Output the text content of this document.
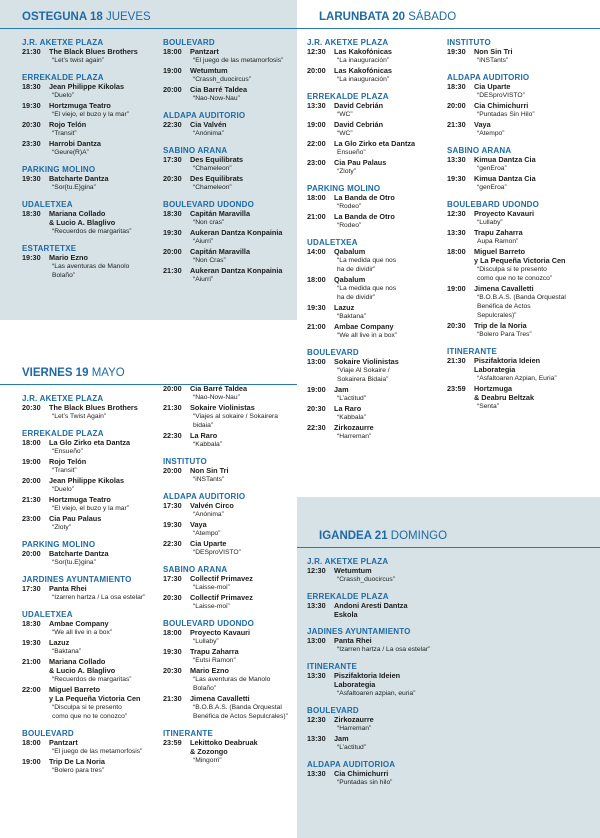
OSTEGUNA 18 JUEVES
J.R. AKETXE PLAZA
21:30 The Black Blues Brothers
“Let’s twist again”
ERREKALDE PLAZA
18:30 Jean Philippe Kikolas
“Duelo”
19:30 Hortzmuga Teatro
“El viejo, el buzo y la mar”
20:30 Rojo Telón
“Transit”
23:30 Harrobi Dantza
“Geure(R)A”
PARKING MOLINO
19:30 Batcharte Dantza
“Sor{tu.E}gina”
UDALETXEA
18:30 Mariana Collado
& Lucio A. Blaglivo
“Recuerdos de margaritas”
ESTARTETXE
19:30 Mario Ezno
“Las aventuras de Manolo
Bolaño”
BOULEVARD
18:00 Pantzart
“El juego de las metamorfosis”
19:00 Wetumtum
“Crassh_duocircus”
20:00 Cia Barré Taldea
“Nao-Now-Nau”
ALDAPA AUDITORIO
22:30 Cia Valvén
“Anónima”
SABINO ARANA
17:30 Des Equilibrats
“Chameleon”
20:30 Des Equilibrats
“Chameleon”
BOULEVARD UDONDO
18:30 Capitán Maravilla
“Non cras”
19:30 Aukeran Dantza Konpainia
“Aiurri”
20:00 Capitán Maravilla
“Non Cras”
21:30 Aukeran Dantza Konpainia
“Aiurri”
LARUNBATA 20 SÁBADO
J.R. AKETXE PLAZA
12:30 Las Kakofónicas
“La inauguración”
20:00 Las Kakofónicas
“La inauguración”
ERREKALDE PLAZA
13:30 David Cebrián
“WC”
19:00 David Cebrián
“WC”
22:00 La Glo Zirko eta Dantza
Ensueño”
23:00 Cia Pau Palaus
“Zloty”
PARKING MOLINO
18:00 La Banda de Otro
“Rodeo”
21:00 La Banda de Otro
“Rodeo”
UDALETXEA
14:00 Qabalum
“La medida que nos
ha de dividir”
18:00 Qabalum
“La medida que nos
ha de dividir”
19:30 Lazuz
“Baktana”
21:00 Ambae Company
“We all live in a box”
BOULEVARD
13:00 Sokaire Violinistas
“Viaje Al Sokaire /
Sokairera Bidaia”
19:00 Jam
“L’actitud”
20:30 La Raro
“Kabbala”
22:30 Zirkozaurre
“Harreman”
INSTITUTO
19:30 Non Sin Tri
“iNSTants”
ALDAPA AUDITORIO
18:30 Cia Uparte
“DESproVISTO”
20:00 Cia Chimichurri
“Puntadas Sin Hilo”
21:30 Vaya
“Atempo”
SABINO ARANA
13:30 Kimua Dantza Cia
“genEroa”
19:30 Kimua Dantza Cia
“genEroa”
BOULEBARD UDONDO
12:30 Proyecto Kavauri
“Lullaby”
13:30 Trapu Zaharra
Aupa Ramon”
18:00 Miguel Barreto
y La Pequeña Victoria Cen
“Disculpa si te presento
como que no te conozco”
19:00 Jimena Cavalletti
“B.O.B.A.S. (Banda Orquestal
Benéfica de Actos
Sepulcrales)”
20:30 Trip de la Noria
“Bolero Para Tres”
ITINERANTE
21:30 Piszifaktoria Ideien
Laborategia
“Asfaltoaren Azpian, Euria”
23:59 Hortzmuga
& Deabru Beltzak
“Senta”
VIERNES 19 MAYO
J.R. AKETXE PLAZA
20:30 The Black Blues Brothers
“Let’s Twist Again”
ERREKALDE PLAZA
18:00 La Glo Zirko eta Dantza
“Ensueño”
19:00 Rojo Telón
“Transit”
20:00 Jean Philippe Kikolas
“Duelo”
21:30 Hortzmuga Teatro
“El viejo, el buzo y la mar”
23:00 Cia Pau Palaus
“Zloty”
PARKING MOLINO
20:00 Batcharte Dantza
“Sor{tu.E}gina”
JARDINES AYUNTAMIENTO
17:30 Panta Rhei
“Izarren hartza / La osa estelar”
UDALETXEA
18:30 Ambae Company
“We all live in a box”
19:30 Lazuz
“Baktana”
21:00 Mariana Collado
& Lucio A. Blaglivo
“Recuerdos de margaritas”
22:00 Miguel Barreto
y La Pequeña Victoria Cen
“Disculpa si te presento
como que no te conozco”
BOULEVARD
18:00 Pantzart
“El juego de las metamorfosis”
19:00 Trip De La Noria
“Bolero para tres”
20:00 Cia Barré Taldea
“Nao-Now-Nau”
21:30 Sokaire Violinistas
“Viajes al sokaire / Sokairera
bidaia”
22:30 La Raro
“Kabbala”
INSTITUTO
20:00 Non Sin Tri
“iNSTants”
ALDAPA AUDITORIO
17:30 Valvén Circo
“Anónima”
19:30 Vaya
“Atempo”
22:30 Cia Uparte
“DESproVISTO”
SABINO ARANA
17:30 Collectif Primavez
“Laisse-moi”
20:30 Collectif Primavez
“Laisse-moi”
BOULEVARD UDONDO
18:00 Proyecto Kavauri
“Lullaby”
19:30 Trapu Zaharra
“Eutsi Ramon”
20:30 Mario Ezno
“Las aventuras de Manolo
Bolaño”
21:30 Jimena Cavalletti
“B.O.B.A.S. (Banda Orquestal
Benéfica de Actos Sepulcrales)”
ITINERANTE
23:59 Lekittoko Deabruak
& Zozongo
“Mingorri”
IGANDEA 21 DOMINGO
J.R. AKETXE PLAZA
12:30 Wetumtum
“Crassh_duocircus”
ERREKALDE PLAZA
13:30 Andoni Aresti Dantza
Eskola
JADINES AYUNTAMIENTO
13:00 Panta Rhei
“Izarren hartza / La osa estelar”
ITINERANTE
13:30 Piszifaktoria Ideien
Laborategia
“Asfaltoaren azpian, euria”
BOULEVARD
12:30 Zirkozaurre
“Harreman”
13:30 Jam
“L’actitud”
ALDAPA AUDITORIOA
13:30 Cia Chimichurri
“Puntadas sin hilo”
